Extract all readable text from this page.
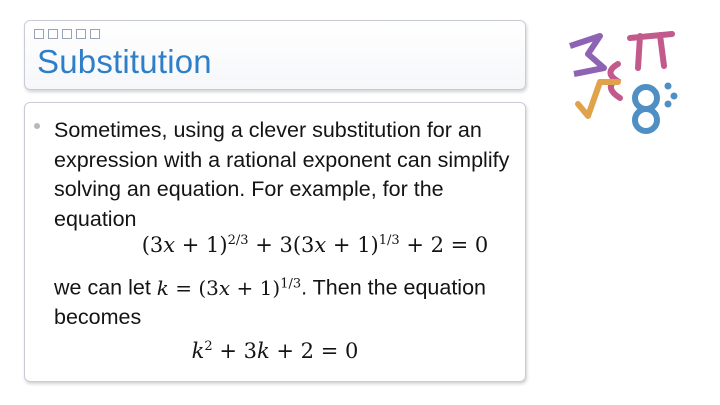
Substitution
Sometimes, using a clever substitution for an expression with a rational exponent can simplify solving an equation. For example, for the equation
$(3x + 1)^{2/3} + 3(3x + 1)^{1/3} + 2 = 0$
we can let $k = (3x + 1)^{1/3}$. Then the equation becomes
$k^2 + 3k + 2 = 0$
